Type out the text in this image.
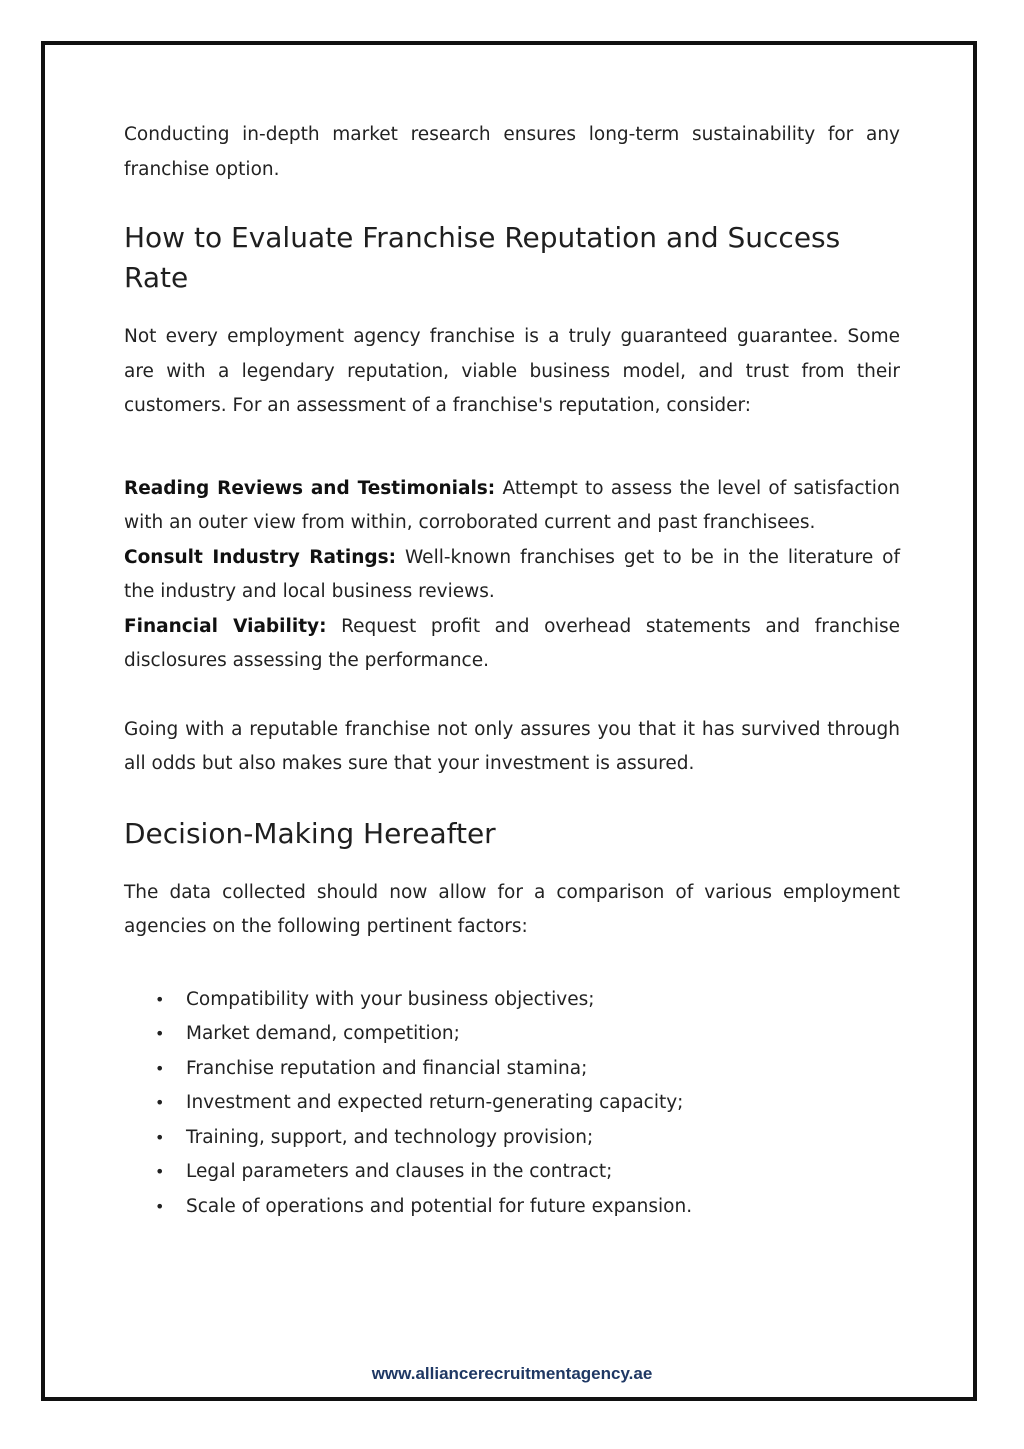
Conducting in-depth market research ensures long-term sustainability for any franchise option.

How to Evaluate Franchise Reputation and Success Rate

Not every employment agency franchise is a truly guaranteed guarantee. Some are with a legendary reputation, viable business model, and trust from their customers. For an assessment of a franchise's reputation, consider:

Reading Reviews and Testimonials: Attempt to assess the level of satisfaction with an outer view from within, corroborated current and past franchisees.

Consult Industry Ratings: Well-known franchises get to be in the literature of the industry and local business reviews.

Financial Viability: Request profit and overhead statements and franchise disclosures assessing the performance.

Going with a reputable franchise not only assures you that it has survived through all odds but also makes sure that your investment is assured.

Decision-Making Hereafter

The data collected should now allow for a comparison of various employment agencies on the following pertinent factors:

• Compatibility with your business objectives;
• Market demand, competition;
• Franchise reputation and financial stamina;
• Investment and expected return-generating capacity;
• Training, support, and technology provision;
• Legal parameters and clauses in the contract;
• Scale of operations and potential for future expansion.
www.alliancerecruitmentagency.ae
